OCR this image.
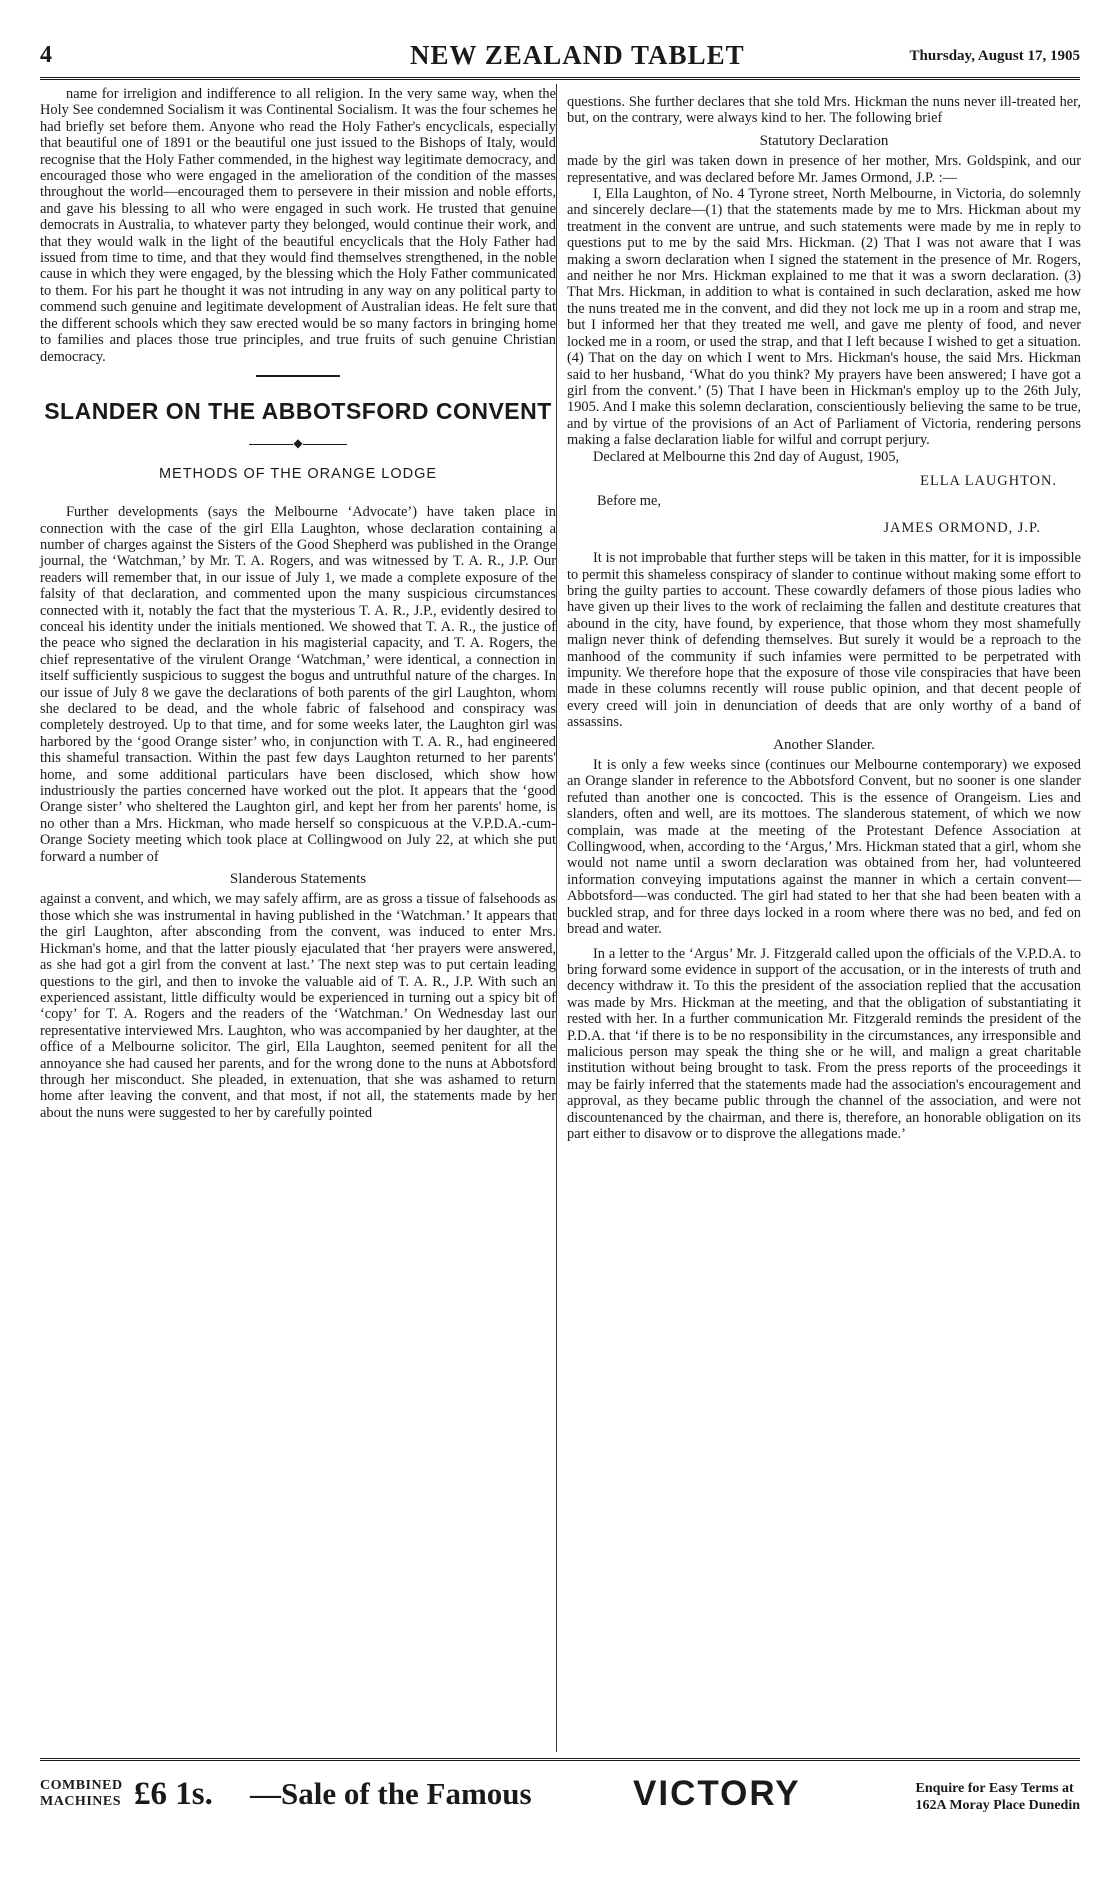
4	NEW ZEALAND TABLET	Thursday, August 17, 1905

name for irreligion and indifference to all religion. In the very same way, when the Holy See condemned Socialism it was Continental Socialism. It was the four schemes he had briefly set before them. Anyone who read the Holy Father's encyclicals, especially that beautiful one of 1891 or the beautiful one just issued to the Bishops of Italy, would recognise that the Holy Father commended, in the highest way legitimate democracy, and encouraged those who were engaged in the amelioration of the condition of the masses throughout the world—encouraged them to persevere in their mission and noble efforts, and gave his blessing to all who were engaged in such work. He trusted that genuine democrats in Australia, to whatever party they belonged, would continue their work, and that they would walk in the light of the beautiful encyclicals that the Holy Father had issued from time to time, and that they would find themselves strengthened, in the noble cause in which they were engaged, by the blessing which the Holy Father communicated to them. For his part he thought it was not intruding in any way on any political party to commend such genuine and legitimate development of Australian ideas. He felt sure that the different schools which they saw erected would be so many factors in bringing home to families and places those true principles, and true fruits of such genuine Christian democracy.

SLANDER ON THE ABBOTSFORD CONVENT
◆
METHODS OF THE ORANGE LODGE

Further developments (says the Melbourne ‘Advocate’) have taken place in connection with the case of the girl Ella Laughton, whose declaration containing a number of charges against the Sisters of the Good Shepherd was published in the Orange journal, the ‘Watchman,’ by Mr. T. A. Rogers, and was witnessed by T. A. R., J.P. Our readers will remember that, in our issue of July 1, we made a complete exposure of the falsity of that declaration, and commented upon the many suspicious circumstances connected with it, notably the fact that the mysterious T. A. R., J.P., evidently desired to conceal his identity under the initials mentioned. We showed that T. A. R., the justice of the peace who signed the declaration in his magisterial capacity, and T. A. Rogers, the chief representative of the virulent Orange ‘Watchman,’ were identical, a connection in itself sufficiently suspicious to suggest the bogus and untruthful nature of the charges. In our issue of July 8 we gave the declarations of both parents of the girl Laughton, whom she declared to be dead, and the whole fabric of falsehood and conspiracy was completely destroyed. Up to that time, and for some weeks later, the Laughton girl was harbored by the ‘good Orange sister’ who, in conjunction with T. A. R., had engineered this shameful transaction. Within the past few days Laughton returned to her parents' home, and some additional particulars have been disclosed, which show how industriously the parties concerned have worked out the plot. It appears that the ‘good Orange sister’ who sheltered the Laughton girl, and kept her from her parents' home, is no other than a Mrs. Hickman, who made herself so conspicuous at the V.P.D.A.-cum-Orange Society meeting which took place at Collingwood on July 22, at which she put forward a number of

Slanderous Statements

against a convent, and which, we may safely affirm, are as gross a tissue of falsehoods as those which she was instrumental in having published in the ‘Watchman.’ It appears that the girl Laughton, after absconding from the convent, was induced to enter Mrs. Hickman's home, and that the latter piously ejaculated that ‘her prayers were answered, as she had got a girl from the convent at last.’ The next step was to put certain leading questions to the girl, and then to invoke the valuable aid of T. A. R., J.P. With such an experienced assistant, little difficulty would be experienced in turning out a spicy bit of ‘copy’ for T. A. Rogers and the readers of the ‘Watchman.’ On Wednesday last our representative interviewed Mrs. Laughton, who was accompanied by her daughter, at the office of a Melbourne solicitor. The girl, Ella Laughton, seemed penitent for all the annoyance she had caused her parents, and for the wrong done to the nuns at Abbotsford through her misconduct. She pleaded, in extenuation, that she was ashamed to return home after leaving the convent, and that most, if not all, the statements made by her about the nuns were suggested to her by carefully pointed

questions. She further declares that she told Mrs. Hickman the nuns never ill-treated her, but, on the contrary, were always kind to her. The following brief

Statutory Declaration

made by the girl was taken down in presence of her mother, Mrs. Goldspink, and our representative, and was declared before Mr. James Ormond, J.P. :—

I, Ella Laughton, of No. 4 Tyrone street, North Melbourne, in Victoria, do solemnly and sincerely declare—(1) that the statements made by me to Mrs. Hickman about my treatment in the convent are untrue, and such statements were made by me in reply to questions put to me by the said Mrs. Hickman. (2) That I was not aware that I was making a sworn declaration when I signed the statement in the presence of Mr. Rogers, and neither he nor Mrs. Hickman explained to me that it was a sworn declaration. (3) That Mrs. Hickman, in addition to what is contained in such declaration, asked me how the nuns treated me in the convent, and did they not lock me up in a room and strap me, but I informed her that they treated me well, and gave me plenty of food, and never locked me in a room, or used the strap, and that I left because I wished to get a situation. (4) That on the day on which I went to Mrs. Hickman's house, the said Mrs. Hickman said to her husband, ‘What do you think? My prayers have been answered; I have got a girl from the convent.’ (5) That I have been in Hickman's employ up to the 26th July, 1905. And I make this solemn declaration, conscientiously believing the same to be true, and by virtue of the provisions of an Act of Parliament of Victoria, rendering persons making a false declaration liable for wilful and corrupt perjury.

Declared at Melbourne this 2nd day of August, 1905,

ELLA LAUGHTON.

Before me,

JAMES ORMOND, J.P.

It is not improbable that further steps will be taken in this matter, for it is impossible to permit this shameless conspiracy of slander to continue without making some effort to bring the guilty parties to account. These cowardly defamers of those pious ladies who have given up their lives to the work of reclaiming the fallen and destitute creatures that abound in the city, have found, by experience, that those whom they most shamefully malign never think of defending themselves. But surely it would be a reproach to the manhood of the community if such infamies were permitted to be perpetrated with impunity. We therefore hope that the exposure of those vile conspiracies that have been made in these columns recently will rouse public opinion, and that decent people of every creed will join in denunciation of deeds that are only worthy of a band of assassins.

Another Slander.

It is only a few weeks since (continues our Melbourne contemporary) we exposed an Orange slander in reference to the Abbotsford Convent, but no sooner is one slander refuted than another one is concocted. This is the essence of Orangeism. Lies and slanders, often and well, are its mottoes. The slanderous statement, of which we now complain, was made at the meeting of the Protestant Defence Association at Collingwood, when, according to the ‘Argus,’ Mrs. Hickman stated that a girl, whom she would not name until a sworn declaration was obtained from her, had volunteered information conveying imputations against the manner in which a certain convent—Abbotsford—was conducted. The girl had stated to her that she had been beaten with a buckled strap, and for three days locked in a room where there was no bed, and fed on bread and water.

In a letter to the ‘Argus’ Mr. J. Fitzgerald called upon the officials of the V.P.D.A. to bring forward some evidence in support of the accusation, or in the interests of truth and decency withdraw it. To this the president of the association replied that the accusation was made by Mrs. Hickman at the meeting, and that the obligation of substantiating it rested with her. In a further communication Mr. Fitzgerald reminds the president of the P.D.A. that ‘if there is to be no responsibility in the circumstances, any irresponsible and malicious person may speak the thing she or he will, and malign a great charitable institution without being brought to task. From the press reports of the proceedings it may be fairly inferred that the statements made had the association's encouragement and approval, as they became public through the channel of the association, and were not discountenanced by the chairman, and there is, therefore, an honorable obligation on its part either to disavow or to disprove the allegations made.’

COMBINED
MACHINES £6 1s. —Sale of the Famous	VICTORY	Enquire for Easy Terms at
162A Moray Place Dunedin
